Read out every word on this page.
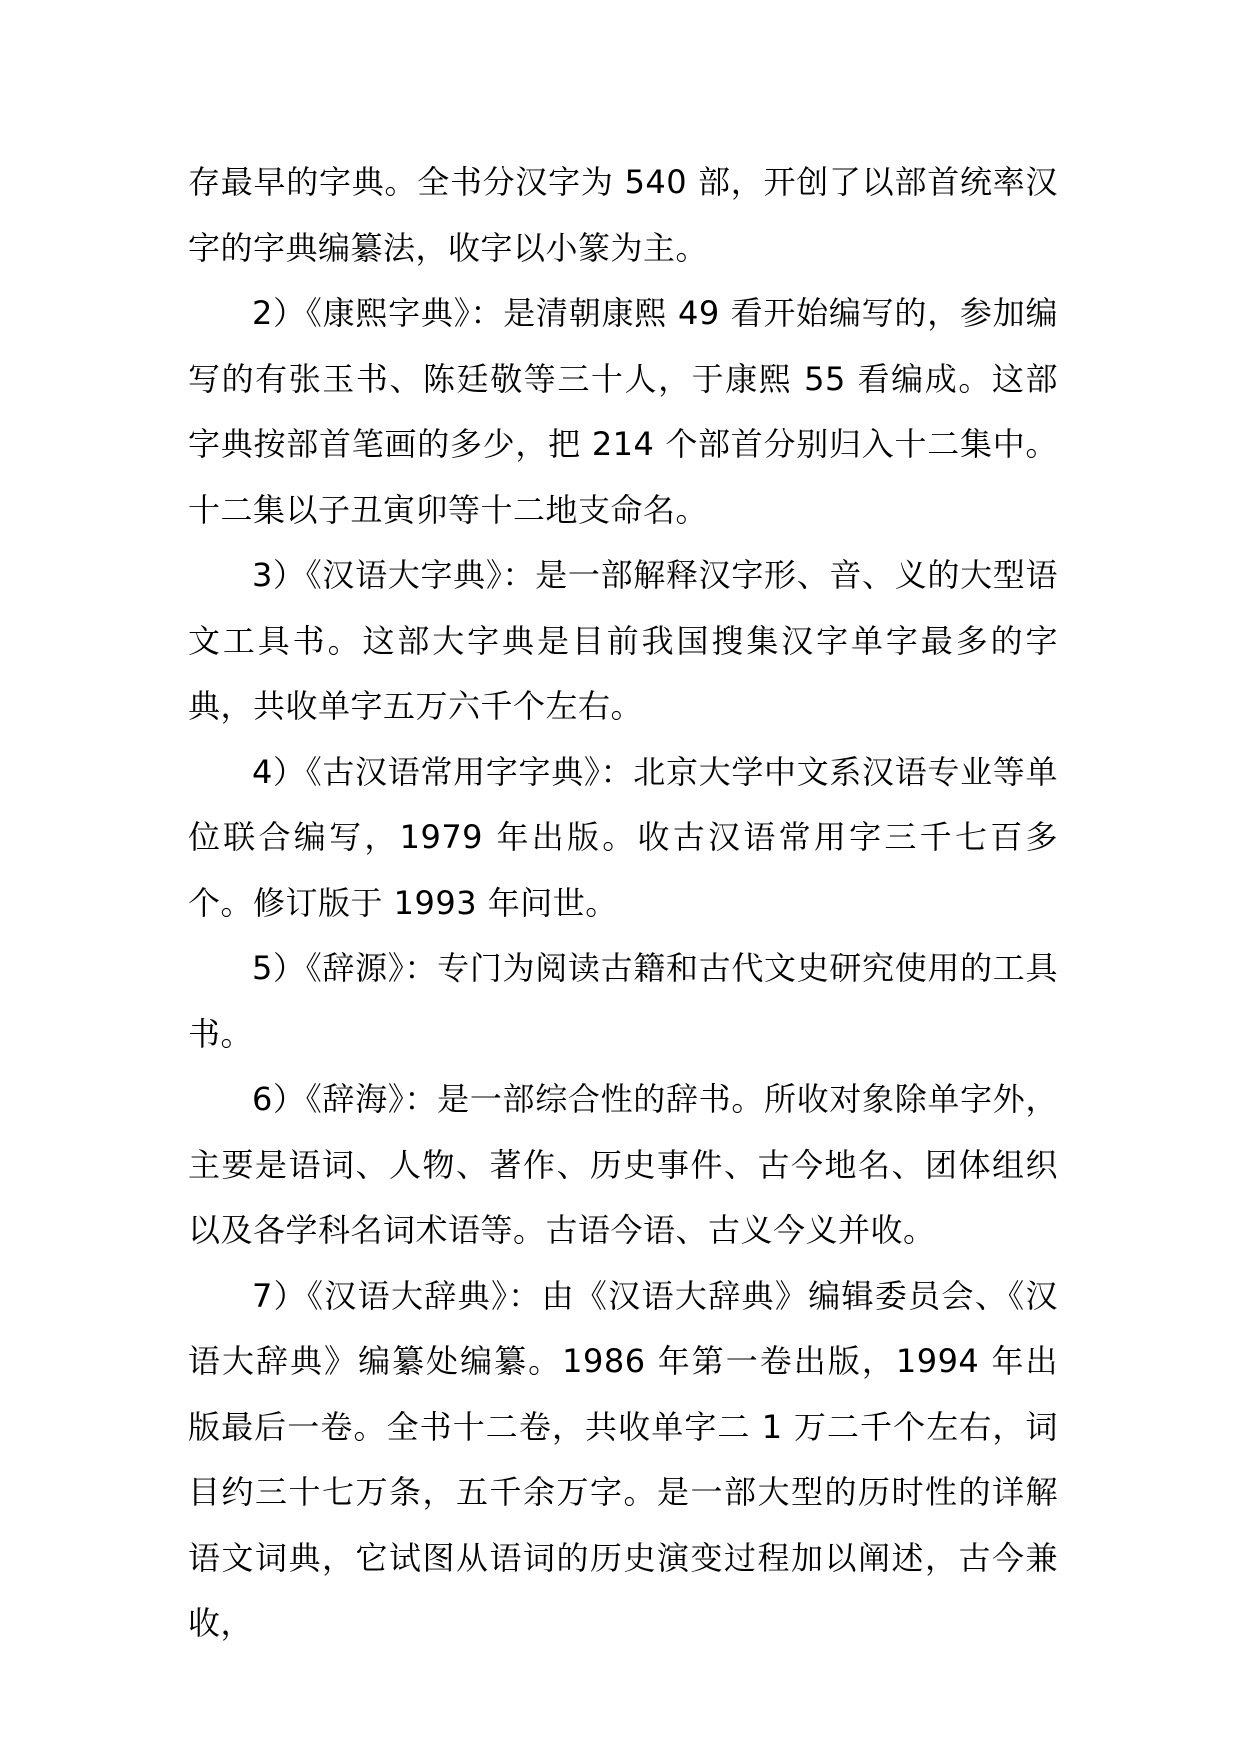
存最早的字典。全书分汉字为 540 部，开创了以部首统率汉字的字典编纂法，收字以小篆为主。

2）《康熙字典》：是清朝康熙 49 看开始编写的，参加编写的有张玉书、陈廷敬等三十人，于康熙 55 看编成。这部字典按部首笔画的多少，把 214 个部首分别归入十二集中。十二集以子丑寅卯等十二地支命名。

3）《汉语大字典》：是一部解释汉字形、音、义的大型语文工具书。这部大字典是目前我国搜集汉字单字最多的字典，共收单字五万六千个左右。

4）《古汉语常用字字典》：北京大学中文系汉语专业等单位联合编写，1979 年出版。收古汉语常用字三千七百多个。修订版于 1993 年问世。

5）《辞源》：专门为阅读古籍和古代文史研究使用的工具书。

6）《辞海》：是一部综合性的辞书。所收对象除单字外，主要是语词、人物、著作、历史事件、古今地名、团体组织以及各学科名词术语等。古语今语、古义今义并收。

7）《汉语大辞典》：由《汉语大辞典》编辑委员会、《汉语大辞典》编纂处编纂。1986 年第一卷出版，1994 年出版最后一卷。全书十二卷，共收单字二 1 万二千个左右，词目约三十七万条，五千余万字。是一部大型的历时性的详解语文词典，它试图从语词的历史演变过程加以阐述，古今兼收，
